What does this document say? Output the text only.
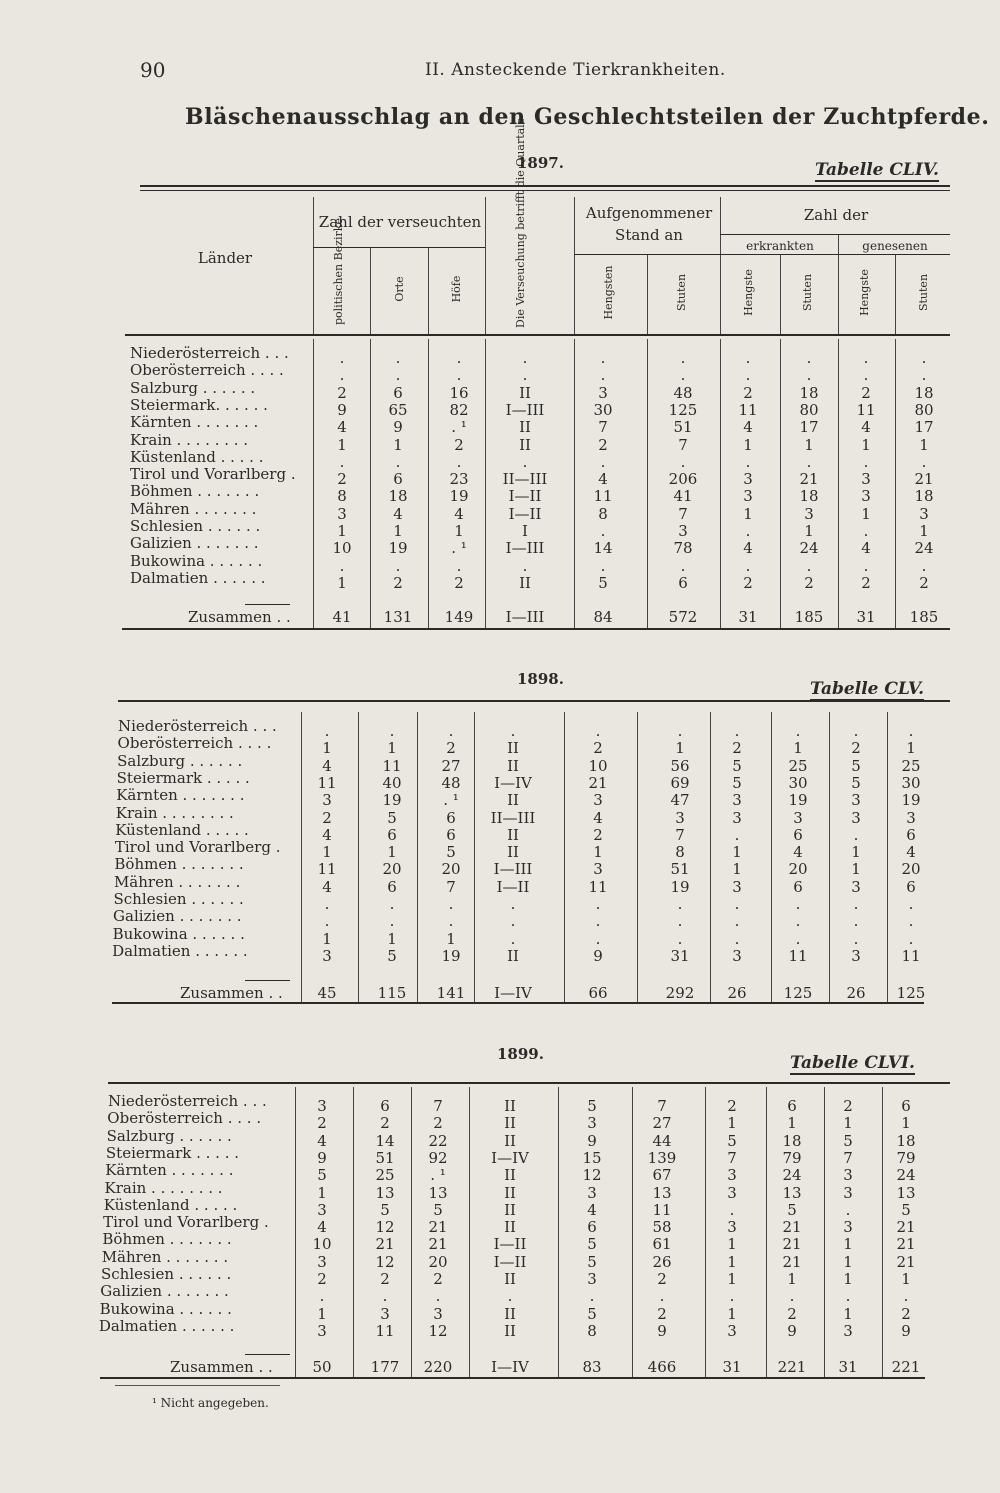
90	II. Ansteckende Tierkrankheiten.
Bläschenausschlag an den Geschlechtsteilen der Zuchtpferde.
Länder
Zahl der verseuchten
politischen Bezirke	Orte	Höfe	Die Verseuchung betrifft die Quartale	Aufgenommener
Stand an
Hengsten	Stuten
Zahl der
erkrankten	genesenen
Hengste	Stuten	Hengste	Stuten
1897.	Tabelle CLIV.
1898.	Tabelle CLV.
1899.	Tabelle CLVI.
Niederösterreich . . .	.	.	.	.	.	.	.	.	.	.
Oberösterreich . . . .	.	.	.	.	.	.	.	.	.	.
Salzburg . . . . . .	2	6	16	II	3	48	2	18	2	18
Steiermark. . . . . .	9	65	82	I—III	30	125	11	80	11	80
Kärnten . . . . . . .	4	9	. ¹	II	7	51	4	17	4	17
Krain . . . . . . . .	1	1	2	II	2	7	1	1	1	1
Küstenland . . . . .	.	.	.	.	.	.	.	.	.	.
Tirol und Vorarlberg .	2	6	23	II—III	4	206	3	21	3	21
Böhmen . . . . . . .	8	18	19	I—II	11	41	3	18	3	18
Mähren . . . . . . .	3	4	4	I—II	8	7	1	3	1	3
Schlesien . . . . . .	1	1	1	I	.	3	.	1	.	1
Galizien . . . . . . .	10	19	. ¹	I—III	14	78	4	24	4	24
Bukowina . . . . . .	.	.	.	.	.	.	.	.	.	.
Dalmatien . . . . . .	1	2	2	II	5	6	2	2	2	2
Zusammen . .	41	131	149	I—III	84	572	31	185	31	185
Niederösterreich . . .	.	.	.	.	.	.	.	.	.	.
Oberösterreich . . . .	1	1	2	II	2	1	2	1	2	1
Salzburg . . . . . .	4	11	27	II	10	56	5	25	5	25
Steiermark . . . . .	11	40	48	I—IV	21	69	5	30	5	30
Kärnten . . . . . . .	3	19	. ¹	II	3	47	3	19	3	19
Krain . . . . . . . .	2	5	6	II—III	4	3	3	3	3	3
Küstenland . . . . .	4	6	6	II	2	7	.	6	.	6
Tirol und Vorarlberg .	1	1	5	II	1	8	1	4	1	4
Böhmen . . . . . . .	11	20	20	I—III	3	51	1	20	1	20
Mähren . . . . . . .	4	6	7	I—II	11	19	3	6	3	6
Schlesien . . . . . .	.	.	.	.	.	.	.	.	.	.
Galizien . . . . . . .	.	.	.	.	.	.	.	.	.	.
Bukowina . . . . . .	1	1	1	.	.	.	.	.	.	.
Dalmatien . . . . . .	3	5	19	II	9	31	3	11	3	11
Zusammen . .	45	115	141	I—IV	66	292	26	125	26	125
Niederösterreich . . .	3	6	7	II	5	7	2	6	2	6
Oberösterreich . . . .	2	2	2	II	3	27	1	1	1	1
Salzburg . . . . . .	4	14	22	II	9	44	5	18	5	18
Steiermark . . . . .	9	51	92	I—IV	15	139	7	79	7	79
Kärnten . . . . . . .	5	25	. ¹	II	12	67	3	24	3	24
Krain . . . . . . . .	1	13	13	II	3	13	3	13	3	13
Küstenland . . . . .	3	5	5	II	4	11	.	5	.	5
Tirol und Vorarlberg .	4	12	21	II	6	58	3	21	3	21
Böhmen . . . . . . .	10	21	21	I—II	5	61	1	21	1	21
Mähren . . . . . . .	3	12	20	I—II	5	26	1	21	1	21
Schlesien . . . . . .	2	2	2	II	3	2	1	1	1	1
Galizien . . . . . . .	.	.	.	.	.	.	.	.	.	.
Bukowina . . . . . .	1	3	3	II	5	2	1	2	1	2
Dalmatien . . . . . .	3	11	12	II	8	9	3	9	3	9
Zusammen . .	50	177	220	I—IV	83	466	31	221	31	221
¹ Nicht angegeben.
